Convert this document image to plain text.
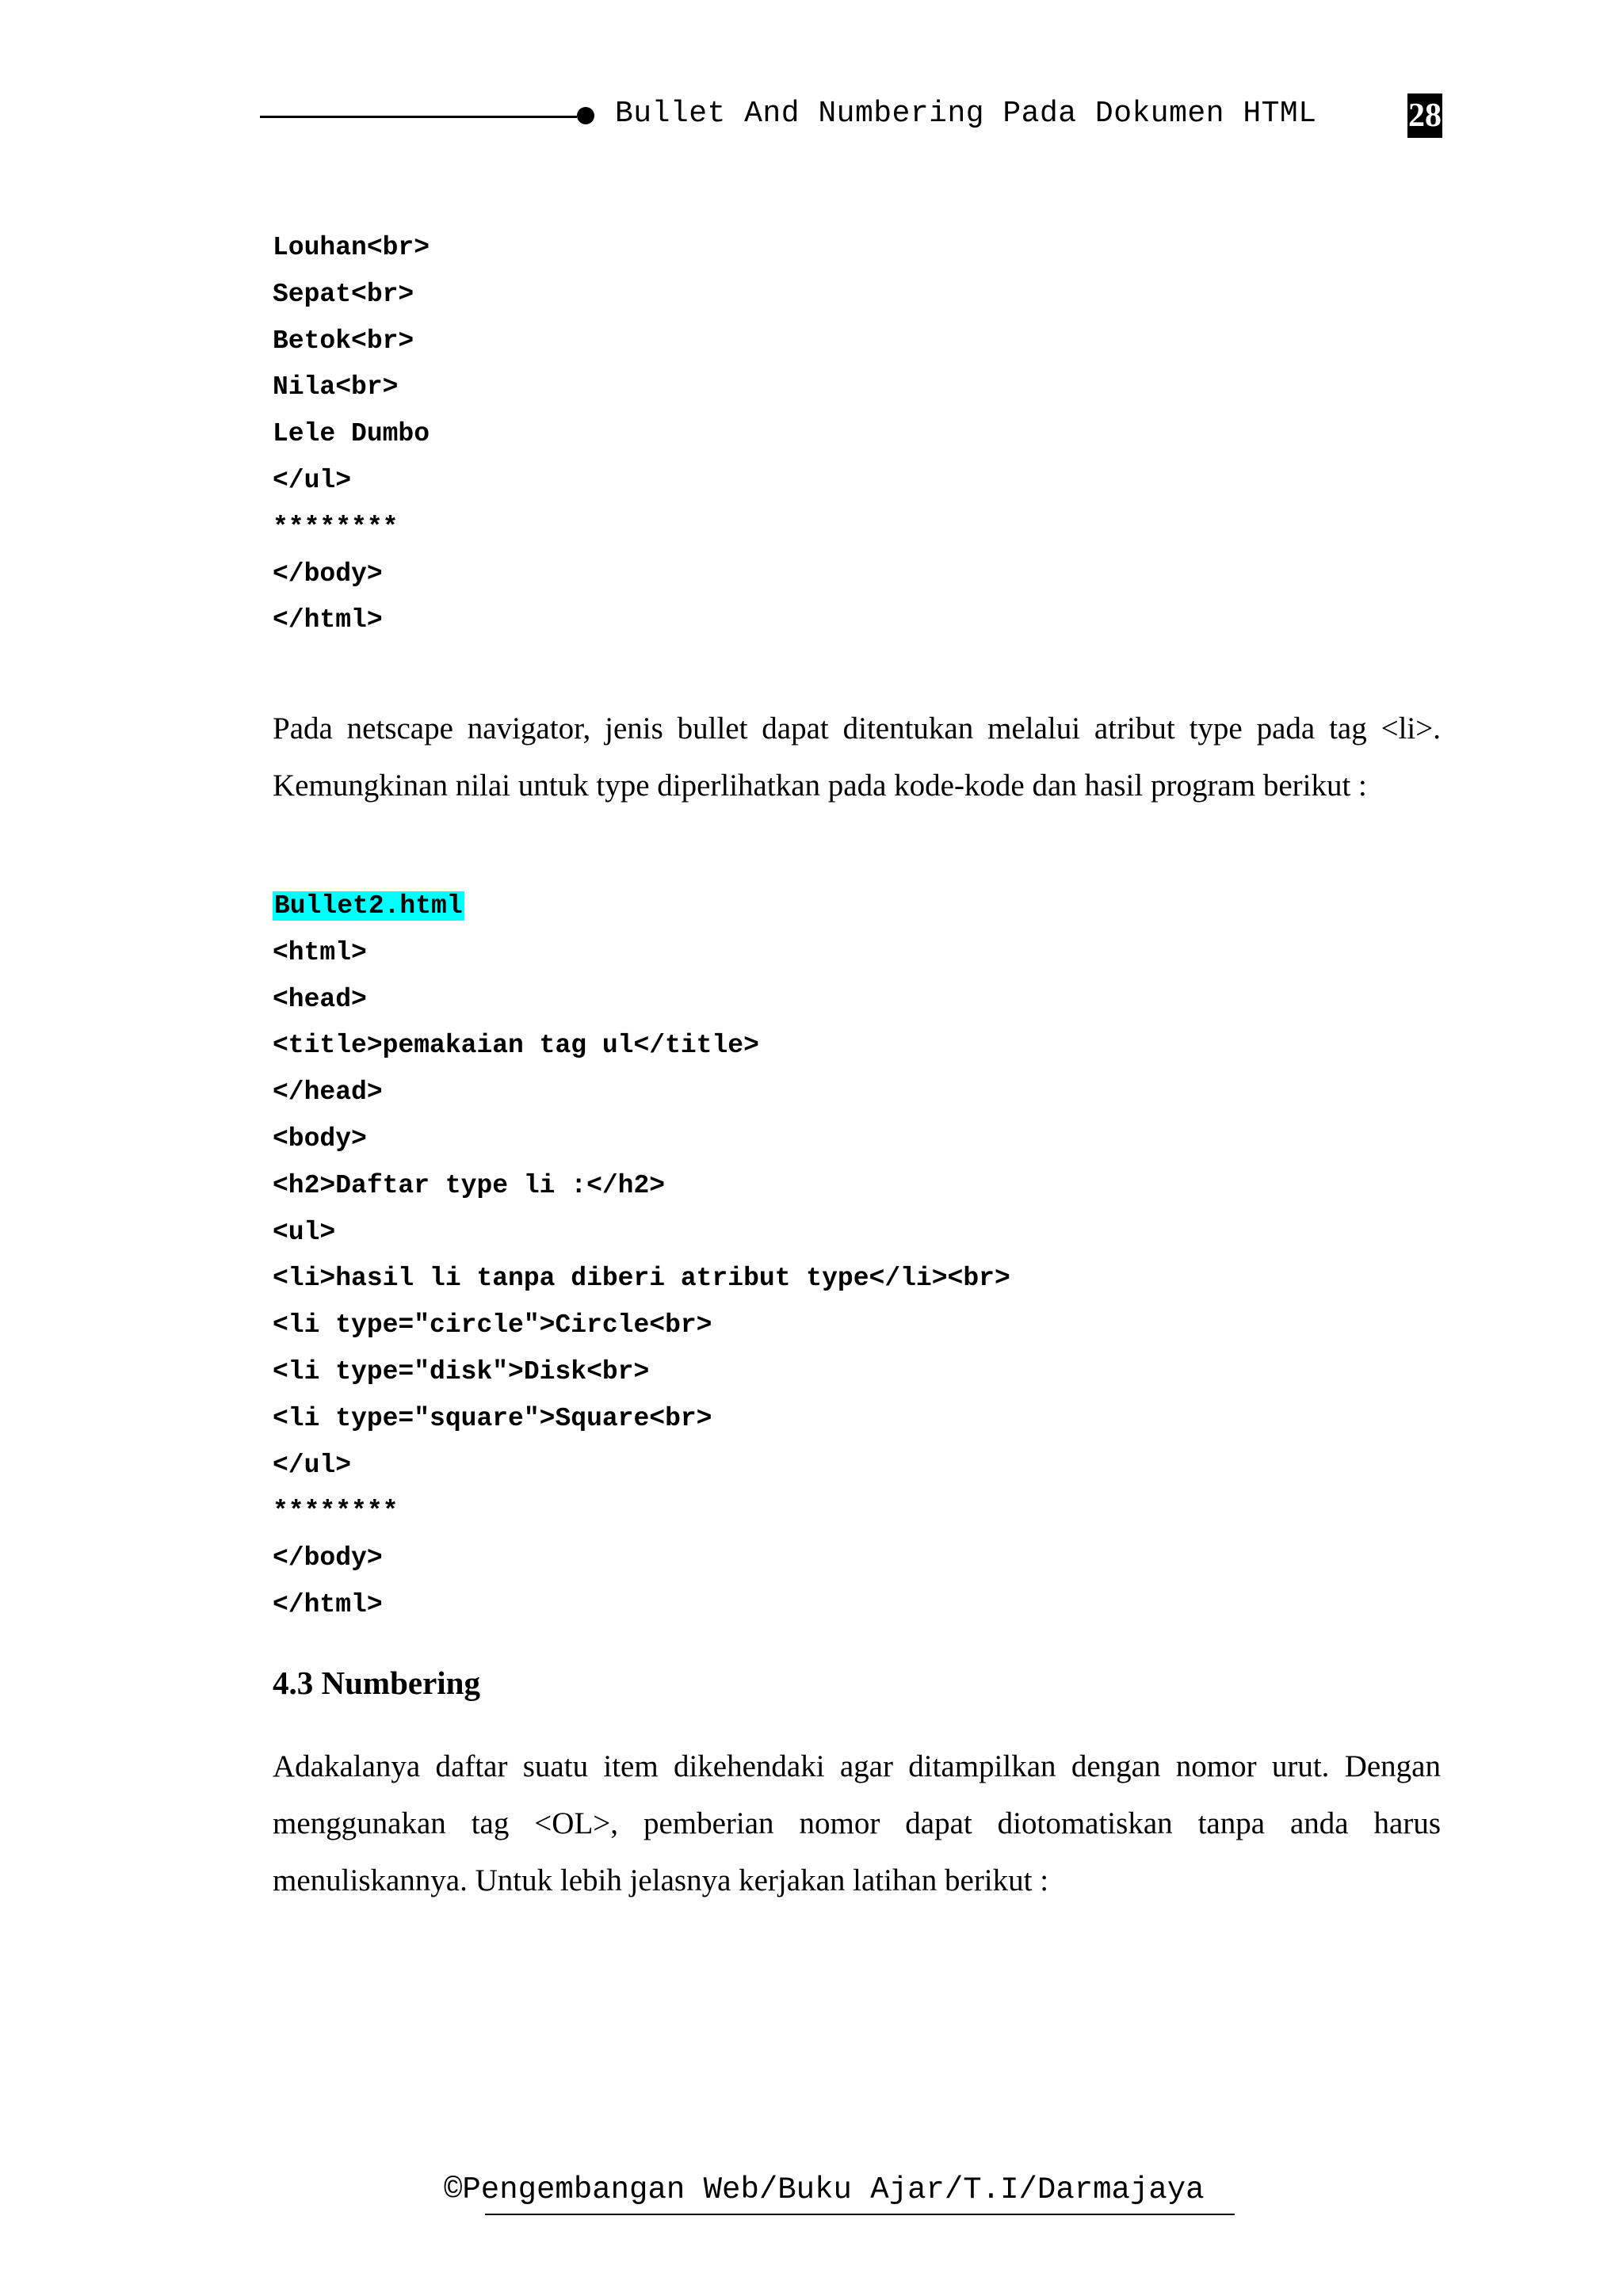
Bullet And Numbering Pada Dokumen HTML	28
Louhan<br>
Sepat<br>
Betok<br>
Nila<br>
Lele Dumbo
</ul>
********
</body>
</html>

Pada netscape navigator, jenis bullet dapat ditentukan melalui atribut type pada tag <li>. Kemungkinan nilai untuk type diperlihatkan pada kode-kode dan hasil program berikut :

Bullet2.html
<html>
<head>
<title>pemakaian tag ul</title>
</head>
<body>
<h2>Daftar type li :</h2>
<ul>
<li>hasil li tanpa diberi atribut type</li><br>
<li type="circle">Circle<br>
<li type="disk">Disk<br>
<li type="square">Square<br>
</ul>
********
</body>
</html>
4.3 Numbering

Adakalanya daftar suatu item dikehendaki agar ditampilkan dengan nomor urut. Dengan menggunakan tag <OL>, pemberian nomor dapat diotomatiskan tanpa anda harus menuliskannya. Untuk lebih jelasnya kerjakan latihan berikut :

©Pengembangan Web/Buku Ajar/T.I/Darmajaya
